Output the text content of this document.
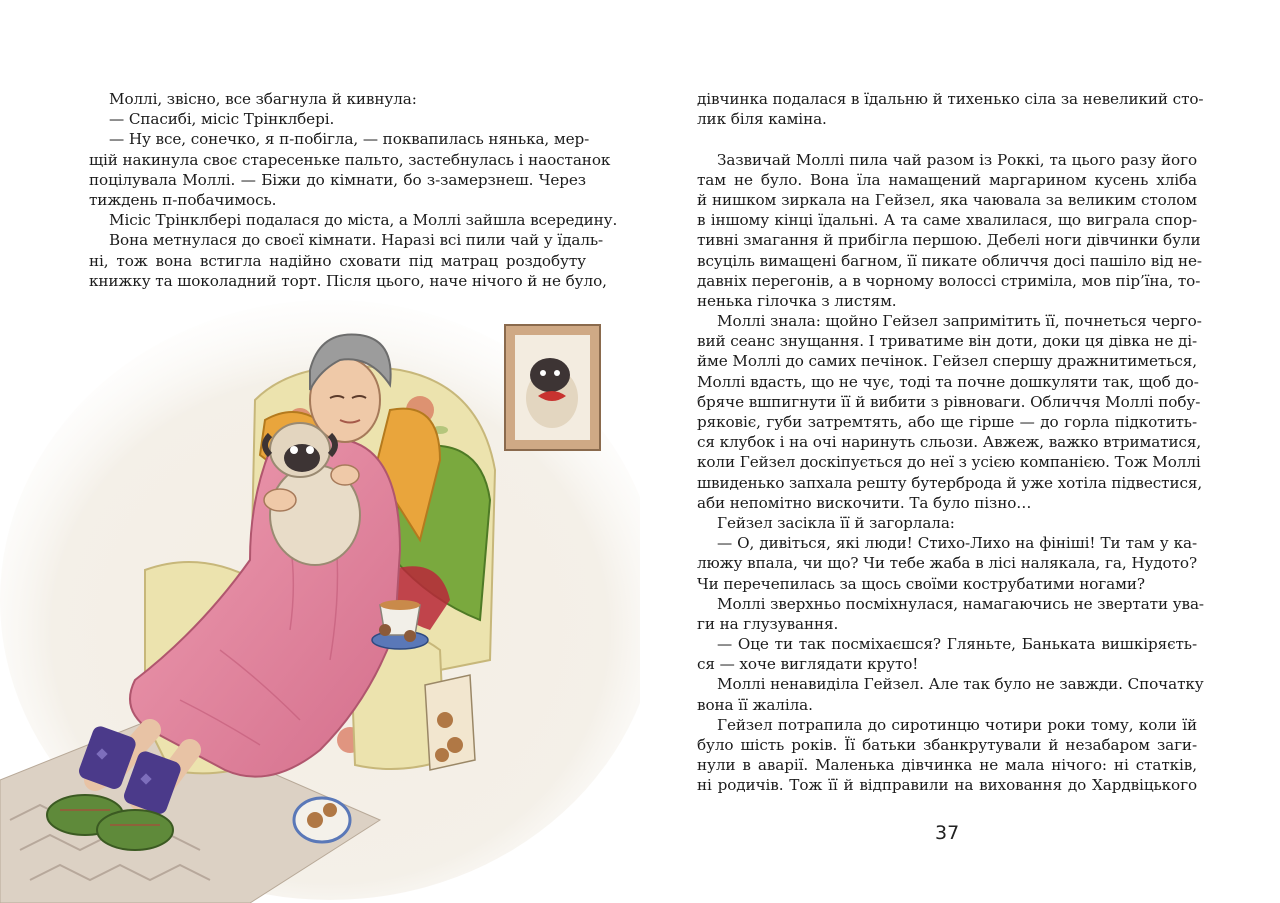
Моллі, звісно, все збагнула й кивнула:
— Спасибі, місіс Трінклбері.
— Ну все, сонечко, я п-побігла, — поквапилась нянька, мер-
щій накинула своє старесеньке пальто, застебнулась і наостанок
поцілувала Моллі. — Біжи до кімнати, бо з-замерзнеш. Через
тиждень п-побачимось.
Місіс Трінклбері подалася до міста, а Моллі зайшла всередину.
Вона метнулася до своєї кімнати. Наразі всі пили чай у їдаль-
ні, тож вона встигла надійно сховати під матрац роздобуту
книжку та шоколадний торт. Після цього, наче нічого й не було,
дівчинка подалася в їдальню й тихенько сіла за невеликий сто-
лик біля каміна.
Зазвичай Моллі пила чай разом із Роккі, та цього разу його
там не було. Вона їла намащений маргарином кусень хліба
й нишком зиркала на Гейзел, яка чаювала за великим столом
в іншому кінці їдальні. А та саме хвалилася, що виграла спор-
тивні змагання й прибігла першою. Дебелі ноги дівчинки були
всуціль вимащені багном, її пикате обличчя досі пашіло від не-
давніх перегонів, а в чорному волоссі стриміла, мов пір’їна, то-
ненька гілочка з листям.
Моллі знала: щойно Гейзел запримітить її, почнеться черго-
вий сеанс знущання. І триватиме він доти, доки ця дівка не ді-
йме Моллі до самих печінок. Гейзел спершу дражнитиметься,
Моллі вдасть, що не чує, тоді та почне дошкуляти так, щоб до-
бряче вшпигнути її й вибити з рівноваги. Обличчя Моллі побу-
ряковіє, губи затремтять, або ще гірше — до горла підкотить-
ся клубок і на очі наринуть сльози. Авжеж, важко втриматися,
коли Гейзел доскіпується до неї з усією компанією. Тож Моллі
швиденько запхала решту бутерброда й уже хотіла підвестися,
аби непомітно вискочити. Та було пізно…
Гейзел засікла її й загорлала:
— О, дивіться, які люди! Стихо-Лихо на фініші! Ти там у ка-
люжу впала, чи що? Чи тебе жаба в лісі налякала, га, Нудото?
Чи перечепилась за щось своїми кострубатими ногами?
Моллі зверхньо посміхнулася, намагаючись не звертати ува-
ги на глузування.
— Оце ти так посміхаєшся? Гляньте, Баньката вишкіряєть-
ся — хоче виглядати круто!
Моллі ненавиділа Гейзел. Але так було не завжди. Спочатку
вона її жаліла.
Гейзел потрапила до сиротинцю чотири роки тому, коли їй
було шість років. Її батьки збанкрутували й незабаром заги-
нули в аварії. Маленька дівчинка не мала нічого: ні статків,
ні родичів. Тож її й відправили на виховання до Хардвіцького
37
